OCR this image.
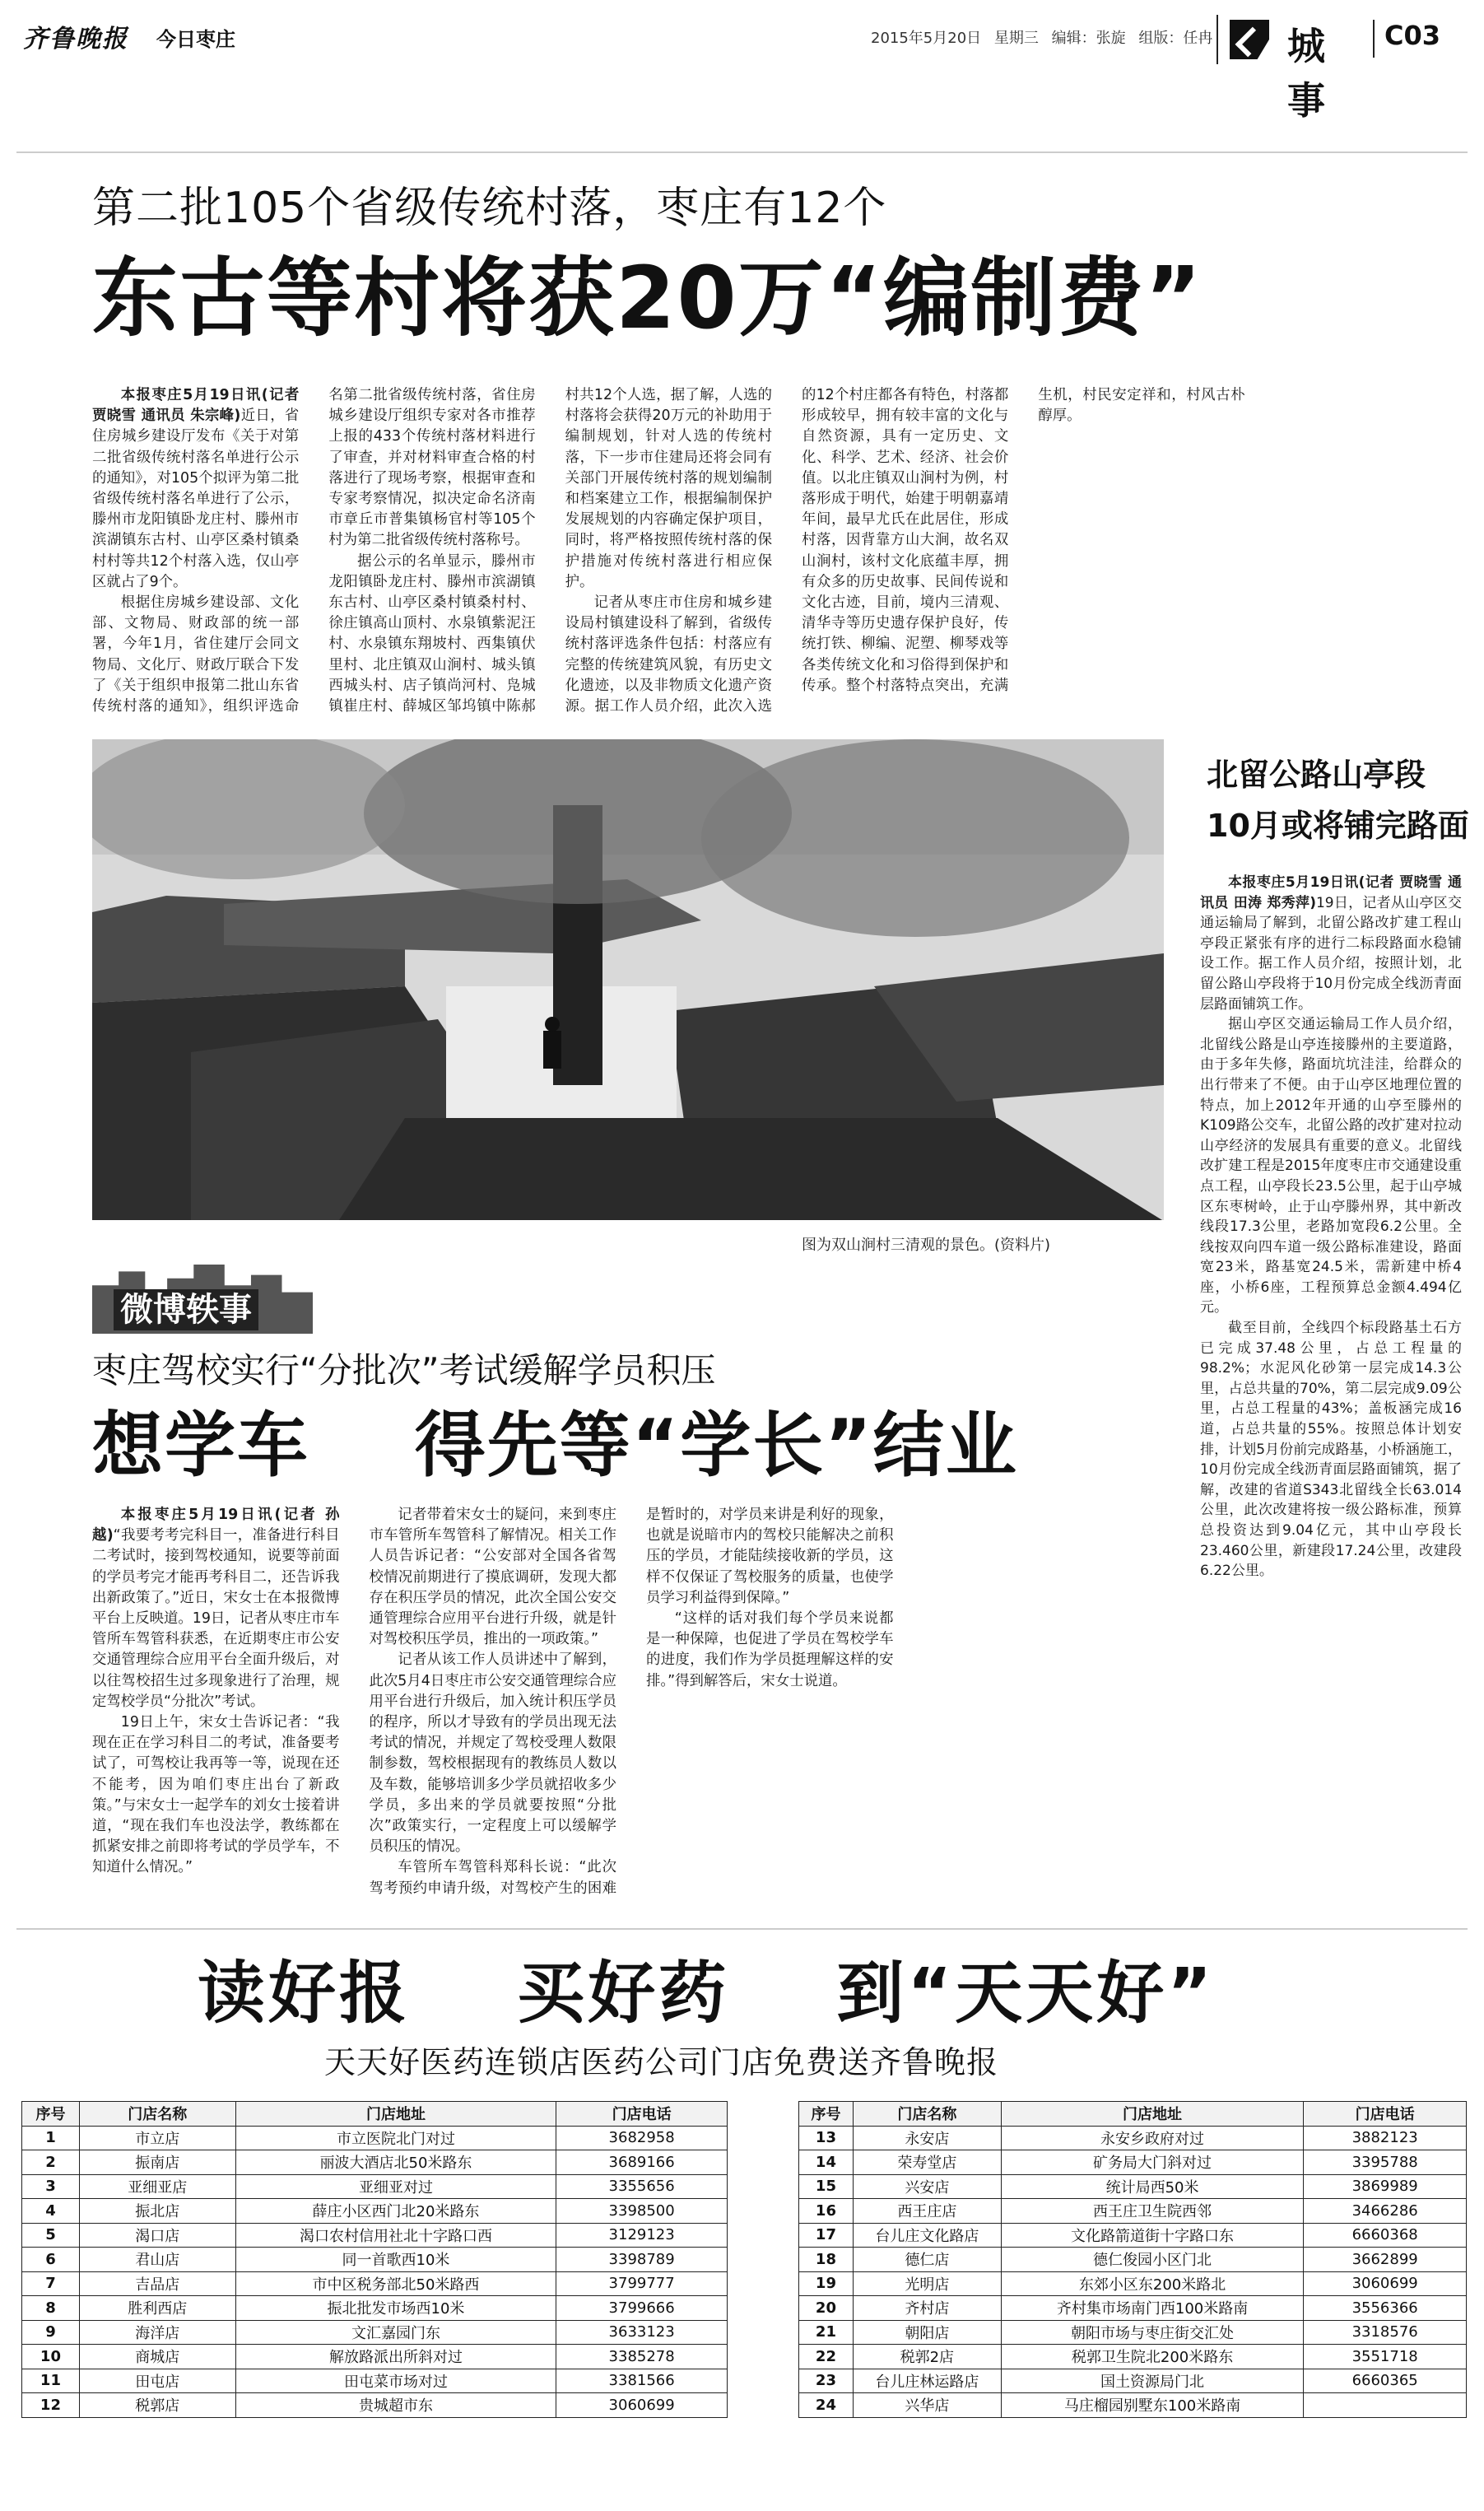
齐鲁晚报 今日枣庄	2015年5月20日 星期三 编辑：张旋 组版：任冉 城事
C03
第二批105个省级传统村落，枣庄有12个
东古等村将获20万“编制费”

本报枣庄5月19日讯(记者 贾晓雪 通讯员 朱宗峰)近日，省住房城乡建设厅发布《关于对第二批省级传统村落名单进行公示的通知》，对105个拟评为第二批省级传统村落名单进行了公示，滕州市龙阳镇卧龙庄村、滕州市滨湖镇东古村、山亭区桑村镇桑村村等共12个村落入选，仅山亭区就占了9个。

根据住房城乡建设部、文化部、文物局、财政部的统一部署，今年1月，省住建厅会同文物局、文化厅、财政厅联合下发了《关于组织申报第二批山东省传统村落的通知》，组织评选命名第二批省级传统村落，省住房城乡建设厅组织专家对各市推荐上报的433个传统村落材料进行了审查，并对材料审查合格的村落进行了现场考察，根据审查和专家考察情况，拟决定命名济南市章丘市普集镇杨官村等105个村为第二批省级传统村落称号。

据公示的名单显示，滕州市龙阳镇卧龙庄村、滕州市滨湖镇东古村、山亭区桑村镇桑村村、徐庄镇高山顶村、水泉镇紫泥汪村、水泉镇东翔坡村、西集镇伏里村、北庄镇双山涧村、城头镇西城头村、店子镇尚河村、凫城镇崔庄村、薛城区邹坞镇中陈郝村共12个人选，据了解，人选的村落将会获得20万元的补助用于编制规划，针对人选的传统村落，下一步市住建局还将会同有关部门开展传统村落的规划编制和档案建立工作，根据编制保护发展规划的内容确定保护项目，同时，将严格按照传统村落的保护措施对传统村落进行相应保护。

记者从枣庄市住房和城乡建设局村镇建设科了解到，省级传统村落评选条件包括：村落应有完整的传统建筑风貌，有历史文化遗迹，以及非物质文化遗产资源。据工作人员介绍，此次入选的12个村庄都各有特色，村落都形成较早，拥有较丰富的文化与自然资源，具有一定历史、文化、科学、艺术、经济、社会价值。以北庄镇双山涧村为例，村落形成于明代，始建于明朝嘉靖年间，最早尤氏在此居住，形成村落，因背靠方山大涧，故名双山涧村，该村文化底蕴丰厚，拥有众多的历史故事、民间传说和文化古迹，目前，境内三清观、清华寺等历史遗存保护良好，传统打铁、柳编、泥塑、柳琴戏等各类传统文化和习俗得到保护和传承。整个村落特点突出，充满生机，村民安定祥和，村风古朴醇厚。

图为双山涧村三清观的景色。(资料片)
北留公路山亭段
10月或将铺完路面

本报枣庄5月19日讯(记者 贾晓雪 通讯员 田涛 郑秀萍)19日，记者从山亭区交通运输局了解到，北留公路改扩建工程山亭段正紧张有序的进行二标段路面水稳铺设工作。据工作人员介绍，按照计划，北留公路山亭段将于10月份完成全线沥青面层路面铺筑工作。

据山亭区交通运输局工作人员介绍，北留线公路是山亭连接滕州的主要道路，由于多年失修，路面坑坑洼洼，给群众的出行带来了不便。由于山亭区地理位置的特点，加上2012年开通的山亭至滕州的K109路公交车，北留公路的改扩建对拉动山亭经济的发展具有重要的意义。北留线改扩建工程是2015年度枣庄市交通建设重点工程，山亭段长23.5公里，起于山亭城区东枣树岭，止于山亭滕州界，其中新改线段17.3公里，老路加宽段6.2公里。全线按双向四车道一级公路标准建设，路面宽23米，路基宽24.5米，需新建中桥4座，小桥6座，工程预算总金额4.494亿元。

截至目前，全线四个标段路基土石方已完成37.48公里，占总工程量的98.2%；水泥风化砂第一层完成14.3公里，占总共量的70%，第二层完成9.09公里，占总工程量的43%；盖板涵完成16道，占总共量的55%。按照总体计划安排，计划5月份前完成路基，小桥涵施工，10月份完成全线沥青面层路面铺筑，据了解，改建的省道S343北留线全长63.014公里，此次改建将按一级公路标准，预算总投资达到9.04亿元，其中山亭段长23.460公里，新建段17.24公里，改建段6.22公里。

微博轶事
枣庄驾校实行“分批次”考试缓解学员积压
想学车    得先等“学长”结业

本报枣庄5月19日讯(记者 孙越)“我要考考完科目一，准备进行科目二考试时，接到驾校通知，说要等前面的学员考完才能再考科目二，还告诉我出新政策了。”近日，宋女士在本报微博平台上反映道。19日，记者从枣庄市车管所车驾管科获悉，在近期枣庄市公安交通管理综合应用平台全面升级后，对以往驾校招生过多现象进行了治理，规定驾校学员“分批次”考试。

19日上午，宋女士告诉记者：“我现在正在学习科目二的考试，准备要考试了，可驾校让我再等一等，说现在还不能考，因为咱们枣庄出台了新政策。”与宋女士一起学车的刘女士接着讲道，“现在我们车也没法学，教练都在抓紧安排之前即将考试的学员学车，不知道什么情况。”

记者带着宋女士的疑问，来到枣庄市车管所车驾管科了解情况。相关工作人员告诉记者：“公安部对全国各省驾校情况前期进行了摸底调研，发现大都存在积压学员的情况，此次全国公安交通管理综合应用平台进行升级，就是针对驾校积压学员，推出的一项政策。”

记者从该工作人员讲述中了解到，此次5月4日枣庄市公安交通管理综合应用平台进行升级后，加入统计积压学员的程序，所以才导致有的学员出现无法考试的情况，并规定了驾校受理人数限制参数，驾校根据现有的教练员人数以及车数，能够培训多少学员就招收多少学员，多出来的学员就要按照“分批次”政策实行，一定程度上可以缓解学员积压的情况。

车管所车驾管科郑科长说：“此次驾考预约申请升级，对驾校产生的困难是暂时的，对学员来讲是利好的现象，也就是说暗市内的驾校只能解决之前积压的学员，才能陆续接收新的学员，这样不仅保证了驾校服务的质量，也使学员学习利益得到保障。”

“这样的话对我们每个学员来说都是一种保障，也促进了学员在驾校学车的进度，我们作为学员挺理解这样的安排。”得到解答后，宋女士说道。

读好报    买好药    到“天天好”
天天好医药连锁店医药公司门店免费送齐鲁晚报
序号	门店名称	门店地址	门店电话
1	市立店	市立医院北门对过	3682958
2	振南店	丽波大酒店北50米路东	3689166
3	亚细亚店	亚细亚对过	3355656
4	振北店	薛庄小区西门北20米路东	3398500
5	渴口店	渴口农村信用社北十字路口西	3129123
6	君山店	同一首歌西10米	3398789
7	吉品店	市中区税务部北50米路西	3799777
8	胜利西店	振北批发市场西10米	3799666
9	海洋店	文汇嘉园门东	3633123
10	商城店	解放路派出所斜对过	3385278
11	田屯店	田屯菜市场对过	3381566
12	税郭店	贵城超市东	3060699
序号	门店名称	门店地址	门店电话
13	永安店	永安乡政府对过	3882123
14	荣寿堂店	矿务局大门斜对过	3395788
15	兴安店	统计局西50米	3869989
16	西王庄店	西王庄卫生院西邻	3466286
17	台儿庄文化路店	文化路箭道街十字路口东	6660368
18	德仁店	德仁俊园小区门北	3662899
19	光明店	东郊小区东200米路北	3060699
20	齐村店	齐村集市场南门西100米路南	3556366
21	朝阳店	朝阳市场与枣庄街交汇处	3318576
22	税郭2店	税郭卫生院北200米路东	3551718
23	台儿庄林运路店	国土资源局门北	6660365
24	兴华店	马庄榴园别墅东100米路南	
